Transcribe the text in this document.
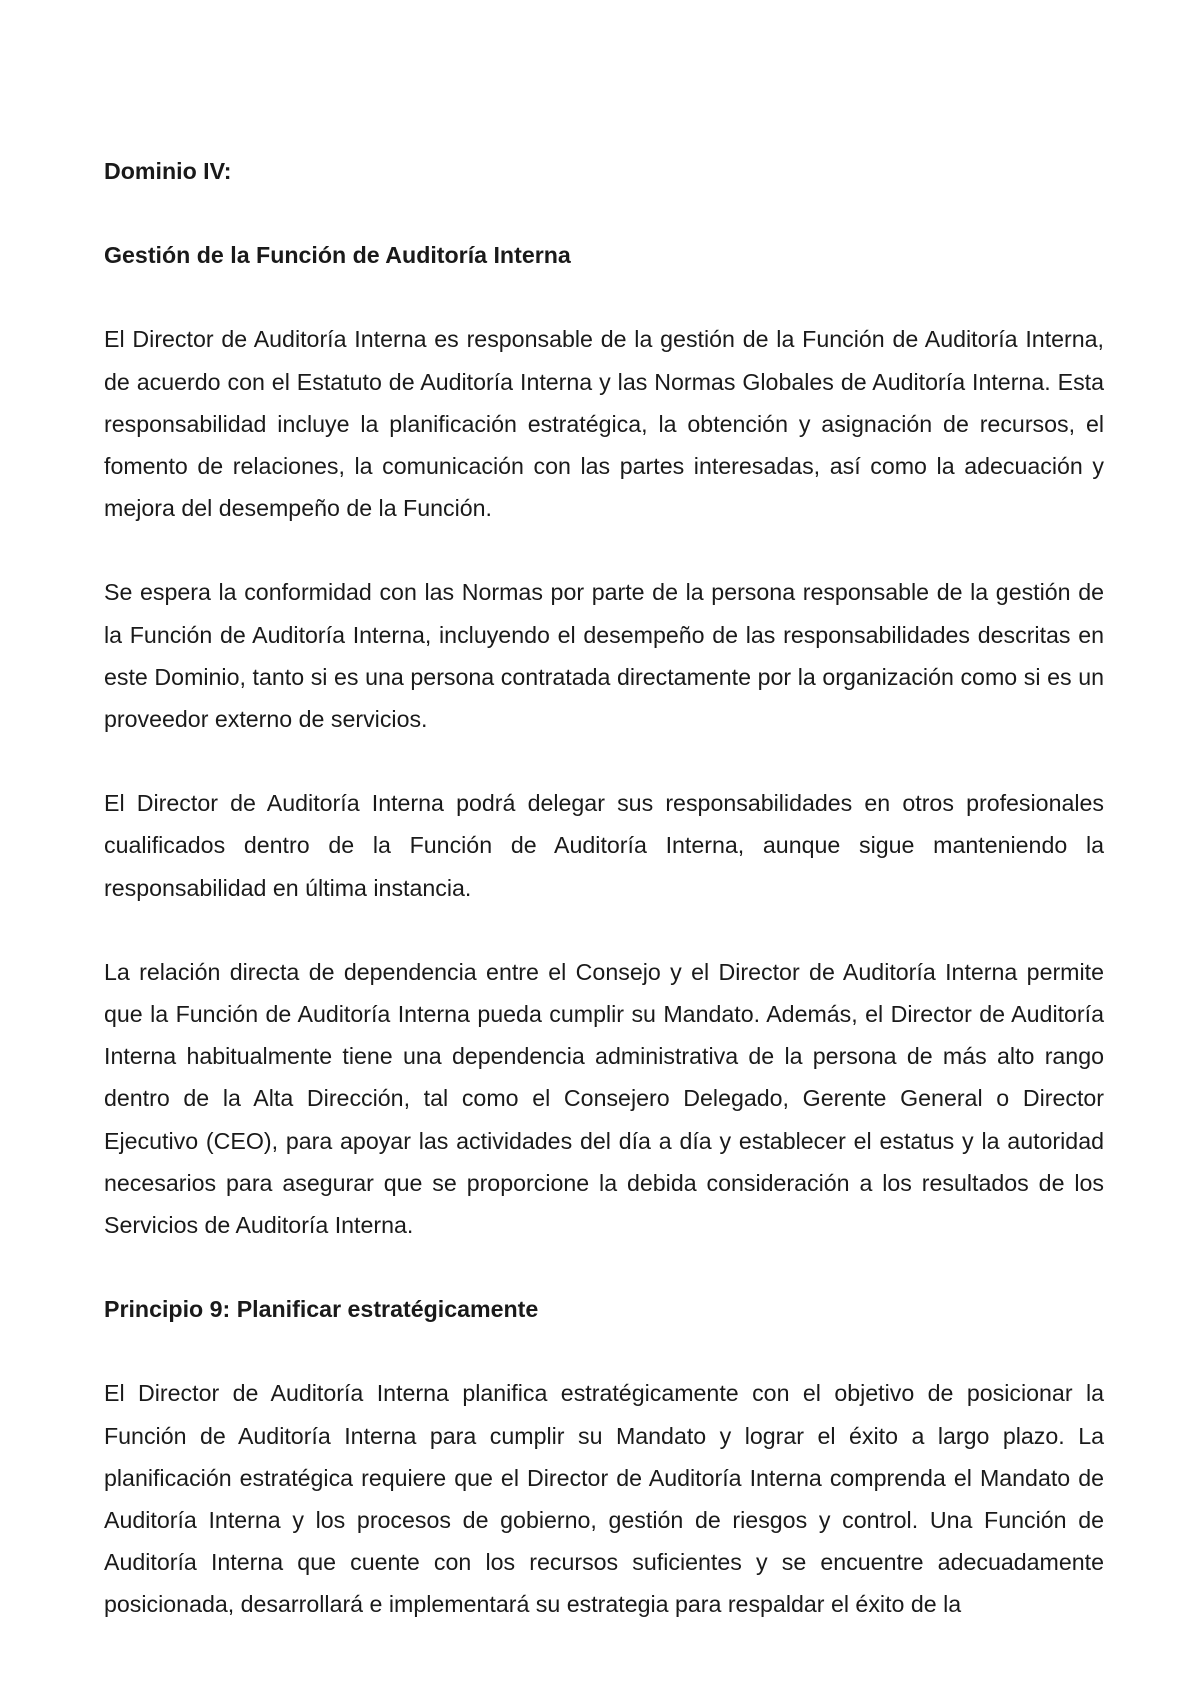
Dominio IV:

Gestión de la Función de Auditoría Interna

El Director de Auditoría Interna es responsable de la gestión de la Función de Auditoría Interna, de acuerdo con el Estatuto de Auditoría Interna y las Normas Globales de Auditoría Interna. Esta responsabilidad incluye la planificación estratégica, la obtención y asignación de recursos, el fomento de relaciones, la comunicación con las partes interesadas, así como la adecuación y mejora del desempeño de la Función.

Se espera la conformidad con las Normas por parte de la persona responsable de la gestión de la Función de Auditoría Interna, incluyendo el desempeño de las responsabilidades descritas en este Dominio, tanto si es una persona contratada directamente por la organización como si es un proveedor externo de servicios.

El Director de Auditoría Interna podrá delegar sus responsabilidades en otros profesionales cualificados dentro de la Función de Auditoría Interna, aunque sigue manteniendo la responsabilidad en última instancia.

La relación directa de dependencia entre el Consejo y el Director de Auditoría Interna permite que la Función de Auditoría Interna pueda cumplir su Mandato. Además, el Director de Auditoría Interna habitualmente tiene una dependencia administrativa de la persona de más alto rango dentro de la Alta Dirección, tal como el Consejero Delegado, Gerente General o Director Ejecutivo (CEO), para apoyar las actividades del día a día y establecer el estatus y la autoridad necesarios para asegurar que se proporcione la debida consideración a los resultados de los Servicios de Auditoría Interna.

Principio 9: Planificar estratégicamente

El Director de Auditoría Interna planifica estratégicamente con el objetivo de posicionar la Función de Auditoría Interna para cumplir su Mandato y lograr el éxito a largo plazo. La planificación estratégica requiere que el Director de Auditoría Interna comprenda el Mandato de Auditoría Interna y los procesos de gobierno, gestión de riesgos y control. Una Función de Auditoría Interna que cuente con los recursos suficientes y se encuentre adecuadamente posicionada, desarrollará e implementará su estrategia para respaldar el éxito de la
